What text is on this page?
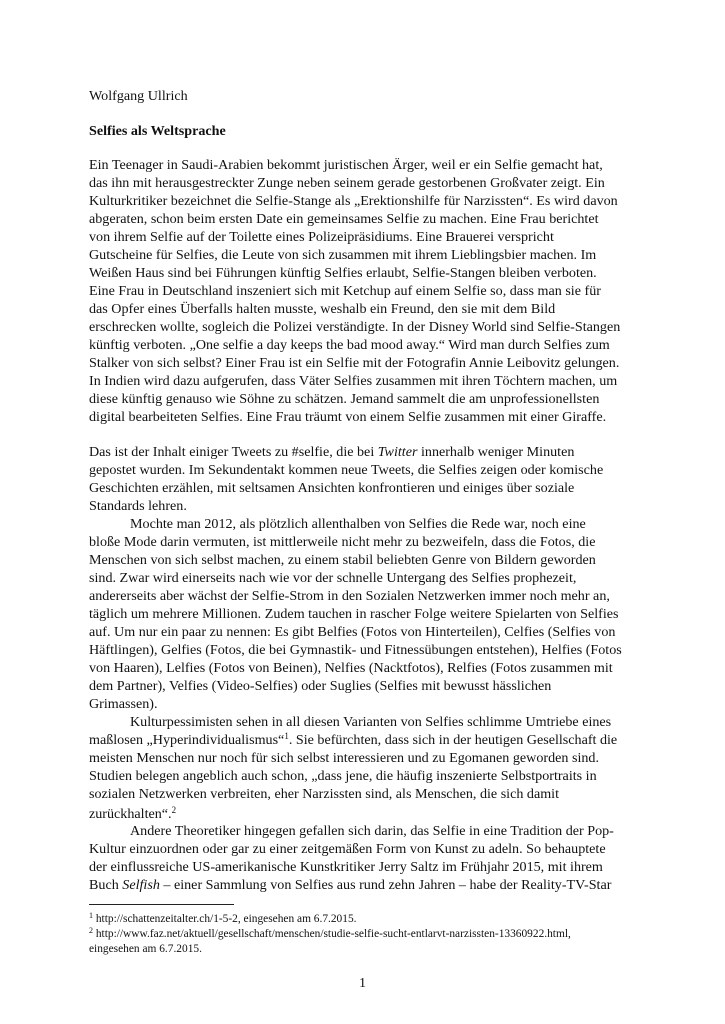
Wolfgang Ullrich
Selfies als Weltsprache
Ein Teenager in Saudi-Arabien bekommt juristischen Ärger, weil er ein Selfie gemacht hat,
das ihn mit herausgestreckter Zunge neben seinem gerade gestorbenen Großvater zeigt. Ein
Kulturkritiker bezeichnet die Selfie-Stange als „Erektionshilfe für Narzissten“. Es wird davon
abgeraten, schon beim ersten Date ein gemeinsames Selfie zu machen. Eine Frau berichtet
von ihrem Selfie auf der Toilette eines Polizeipräsidiums. Eine Brauerei verspricht
Gutscheine für Selfies, die Leute von sich zusammen mit ihrem Lieblingsbier machen. Im
Weißen Haus sind bei Führungen künftig Selfies erlaubt, Selfie-Stangen bleiben verboten.
Eine Frau in Deutschland inszeniert sich mit Ketchup auf einem Selfie so, dass man sie für
das Opfer eines Überfalls halten musste, weshalb ein Freund, den sie mit dem Bild
erschrecken wollte, sogleich die Polizei verständigte. In der Disney World sind Selfie-Stangen
künftig verboten. „One selfie a day keeps the bad mood away.“ Wird man durch Selfies zum
Stalker von sich selbst? Einer Frau ist ein Selfie mit der Fotografin Annie Leibovitz gelungen.
In Indien wird dazu aufgerufen, dass Väter Selfies zusammen mit ihren Töchtern machen, um
diese künftig genauso wie Söhne zu schätzen. Jemand sammelt die am unprofessionellsten
digital bearbeiteten Selfies. Eine Frau träumt von einem Selfie zusammen mit einer Giraffe.
Das ist der Inhalt einiger Tweets zu #selfie, die bei Twitter innerhalb weniger Minuten
gepostet wurden. Im Sekundentakt kommen neue Tweets, die Selfies zeigen oder komische
Geschichten erzählen, mit seltsamen Ansichten konfrontieren und einiges über soziale
Standards lehren.
Mochte man 2012, als plötzlich allenthalben von Selfies die Rede war, noch eine
bloße Mode darin vermuten, ist mittlerweile nicht mehr zu bezweifeln, dass die Fotos, die
Menschen von sich selbst machen, zu einem stabil beliebten Genre von Bildern geworden
sind. Zwar wird einerseits nach wie vor der schnelle Untergang des Selfies prophezeit,
andererseits aber wächst der Selfie-Strom in den Sozialen Netzwerken immer noch mehr an,
täglich um mehrere Millionen. Zudem tauchen in rascher Folge weitere Spielarten von Selfies
auf. Um nur ein paar zu nennen: Es gibt Belfies (Fotos von Hinterteilen), Celfies (Selfies von
Häftlingen), Gelfies (Fotos, die bei Gymnastik- und Fitnessübungen entstehen), Helfies (Fotos
von Haaren), Lelfies (Fotos von Beinen), Nelfies (Nacktfotos), Relfies (Fotos zusammen mit
dem Partner), Velfies (Video-Selfies) oder Suglies (Selfies mit bewusst hässlichen
Grimassen).
Kulturpessimisten sehen in all diesen Varianten von Selfies schlimme Umtriebe eines
maßlosen „Hyperindividualismus“$^1$. Sie befürchten, dass sich in der heutigen Gesellschaft die
meisten Menschen nur noch für sich selbst interessieren und zu Egomanen geworden sind.
Studien belegen angeblich auch schon, „dass jene, die häufig inszenierte Selbstportraits in
sozialen Netzwerken verbreiten, eher Narzissten sind, als Menschen, die sich damit
zurückhalten“.$^2$
Andere Theoretiker hingegen gefallen sich darin, das Selfie in eine Tradition der Pop-
Kultur einzuordnen oder gar zu einer zeitgemäßen Form von Kunst zu adeln. So behauptete
der einflussreiche US-amerikanische Kunstkritiker Jerry Saltz im Frühjahr 2015, mit ihrem
Buch Selfish – einer Sammlung von Selfies aus rund zehn Jahren – habe der Reality-TV-Star
$^1$ http://schattenzeitalter.ch/1-5-2, eingesehen am 6.7.2015.
$^2$ http://www.faz.net/aktuell/gesellschaft/menschen/studie-selfie-sucht-entlarvt-narzissten-13360922.html,
eingesehen am 6.7.2015.
1
